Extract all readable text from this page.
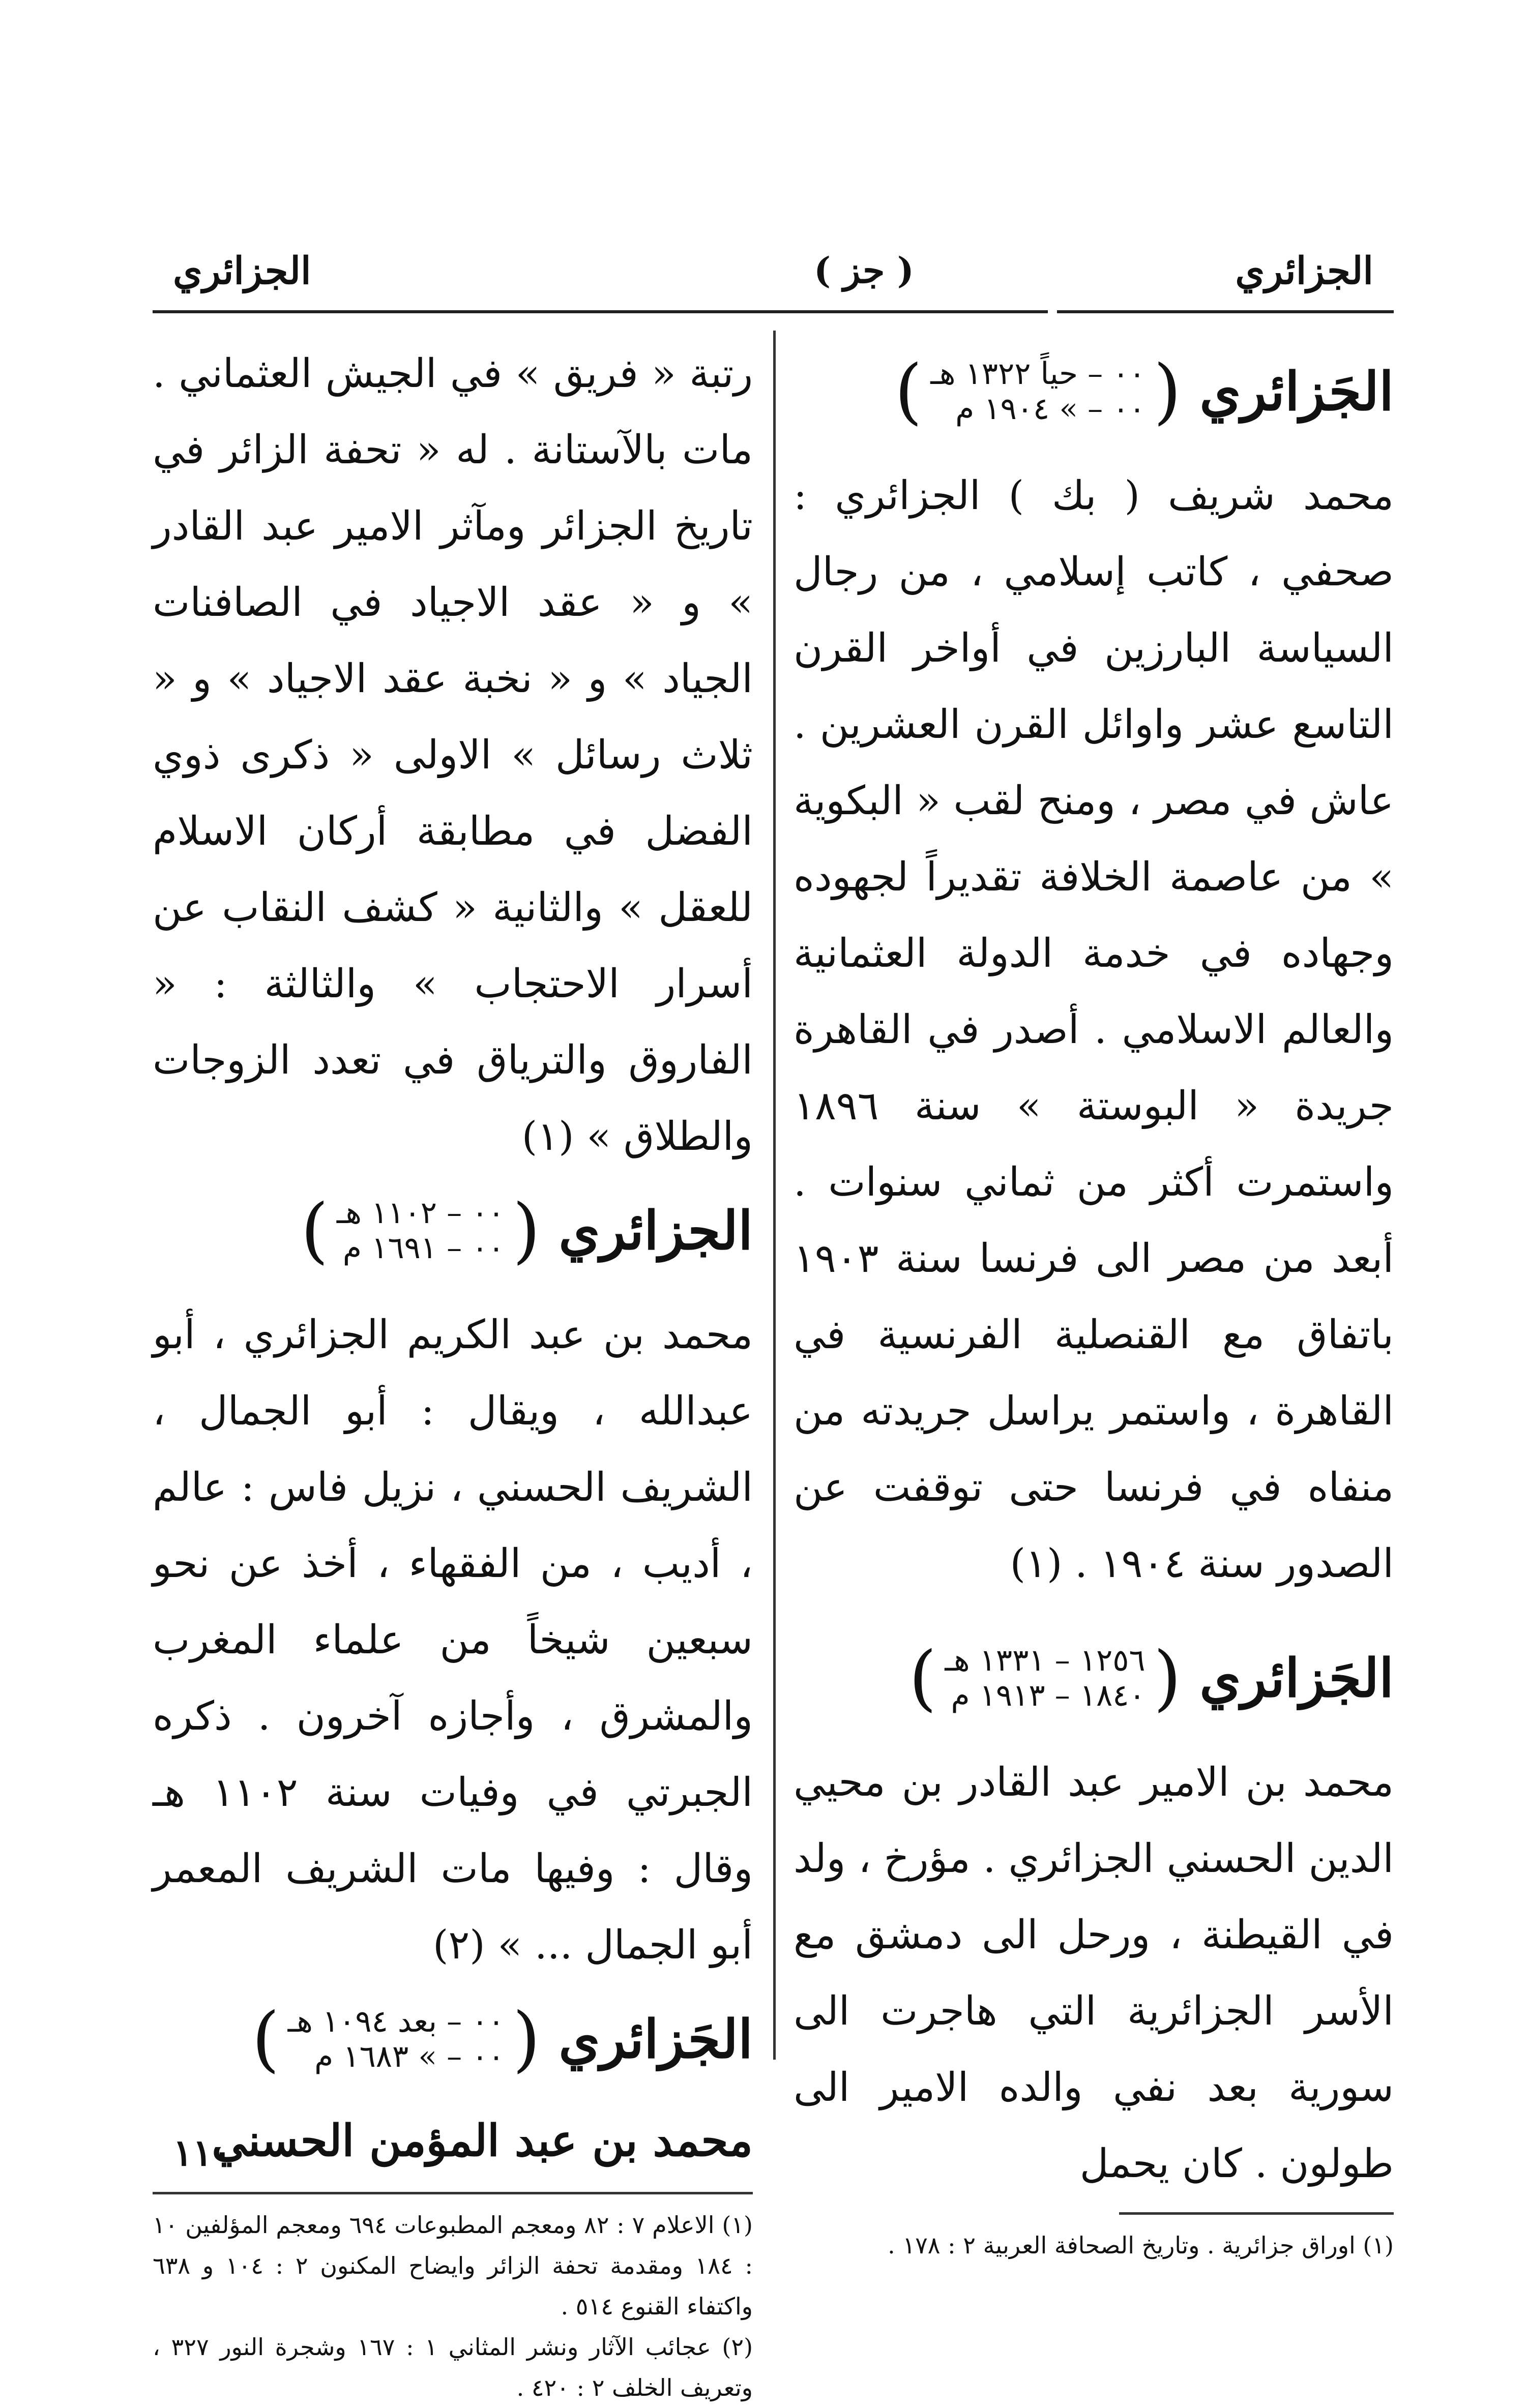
الجزائري
( جز )
الجزائري
الجَزائري
(
٠٠ – حياً ١٣٢٢ هـ
٠٠ – » ١٩٠٤ م
)

محمد شريف ( بك ) الجزائري : صحفي ، كاتب إسلامي ، من رجال السياسة البارزين في أواخر القرن التاسع عشر واوائل القرن العشرين . عاش في مصر ، ومنح لقب « البكوية » من عاصمة الخلافة تقديراً لجهوده وجهاده في خدمة الدولة العثمانية والعالم الاسلامي . أصدر في القاهرة جريدة « البوستة » سنة ١٨٩٦ واستمرت أكثر من ثماني سنوات . أبعد من مصر الى فرنسا سنة ١٩٠٣ باتفاق مع القنصلية الفرنسية في القاهرة ، واستمر يراسل جريدته من منفاه في فرنسا حتى توقفت عن الصدور سنة ١٩٠٤ . (١)

الجَزائري
(
١٢٥٦ – ١٣٣١ هـ
١٨٤٠ – ١٩١٣ م
)

محمد بن الامير عبد القادر بن محيي الدين الحسني الجزائري . مؤرخ ، ولد في القيطنة ، ورحل الى دمشق مع الأسر الجزائرية التي هاجرت الى سورية بعد نفي والده الامير الى طولون . كان يحمل

(١) اوراق جزائرية . وتاريخ الصحافة العربية ٢ : ١٧٨ .

رتبة « فريق » في الجيش العثماني . مات بالآستانة . له « تحفة الزائر في تاريخ الجزائر ومآثر الامير عبد القادر » و « عقد الاجياد في الصافنات الجياد » و « نخبة عقد الاجياد » و « ثلاث رسائل » الاولى « ذكرى ذوي الفضل في مطابقة أركان الاسلام للعقل » والثانية « كشف النقاب عن أسرار الاحتجاب » والثالثة : « الفاروق والترياق في تعدد الزوجات والطلاق » (١)

الجزائري
(
٠٠ – ١١٠٢ هـ
٠٠ – ١٦٩١ م
)

محمد بن عبد الكريم الجزائري ، أبو عبدالله ، ويقال : أبو الجمال ، الشريف الحسني ، نزيل فاس : عالم ، أديب ، من الفقهاء ، أخذ عن نحو سبعين شيخاً من علماء المغرب والمشرق ، وأجازه آخرون . ذكره الجبرتي في وفيات سنة ١١٠٢ هـ وقال : وفيها مات الشريف المعمر أبو الجمال ... » (٢)

الجَزائري
(
٠٠ – بعد ١٠٩٤ هـ
٠٠ – » ١٦٨٣ م
)

محمد بن عبد المؤمن الحسني

(١) الاعلام ٧ : ٨٢ ومعجم المطبوعات ٦٩٤ ومعجم المؤلفين ١٠ : ١٨٤ ومقدمة تحفة الزائر وايضاح المكنون ٢ : ١٠٤ و ٦٣٨ واكتفاء القنوع ٥١٤ .

(٢) عجائب الآثار ونشر المثاني ١ : ١٦٧ وشجرة النور ٣٢٧ ، وتعريف الخلف ٢ : ٤٢٠ .

١١٠
